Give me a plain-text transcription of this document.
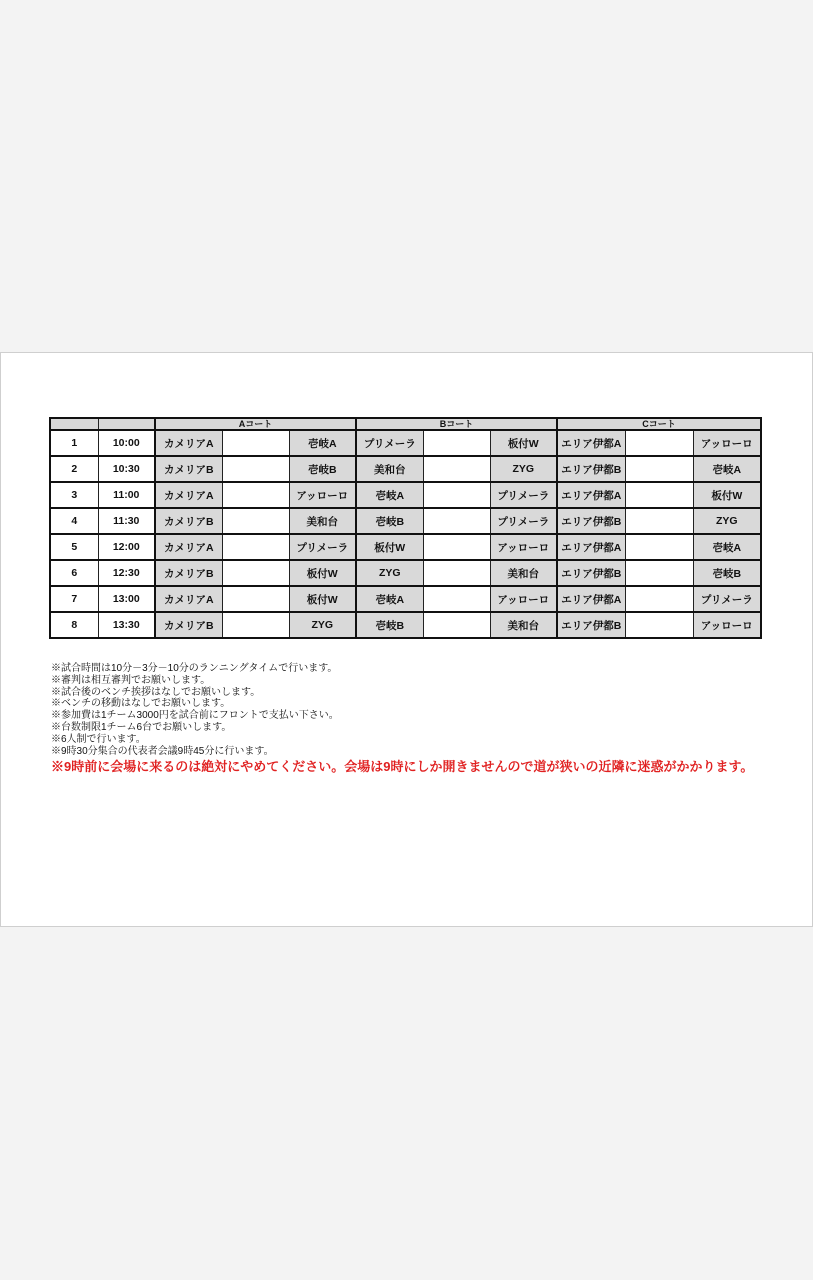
		Aコート			Bコート			Cコート		
1	10:00	カメリアA		壱岐A	プリメーラ		板付W	エリア伊都A		アッローロ
2	10:30	カメリアB		壱岐B	美和台		ZYG	エリア伊都B		壱岐A
3	11:00	カメリアA		アッローロ	壱岐A		プリメーラ	エリア伊都A		板付W
4	11:30	カメリアB		美和台	壱岐B		プリメーラ	エリア伊都B		ZYG
5	12:00	カメリアA		プリメーラ	板付W		アッローロ	エリア伊都A		壱岐A
6	12:30	カメリアB		板付W	ZYG		美和台	エリア伊都B		壱岐B
7	13:00	カメリアA		板付W	壱岐A		アッローロ	エリア伊都A		プリメーラ
8	13:30	カメリアB		ZYG	壱岐B		美和台	エリア伊都B		アッローロ
※試合時間は10分－3分－10分のランニングタイムで行います。
※審判は相互審判でお願いします。
※試合後のベンチ挨拶はなしでお願いします。
※ベンチの移動はなしでお願いします。
※参加費は1チーム3000円を試合前にフロントで支払い下さい。
※台数制限1チーム6台でお願いします。
※6人制で行います。
※9時30分集合の代表者会議9時45分に行います。
※9時前に会場に来るのは絶対にやめてください。会場は9時にしか開きませんので道が狭いの近隣に迷惑がかかります。
